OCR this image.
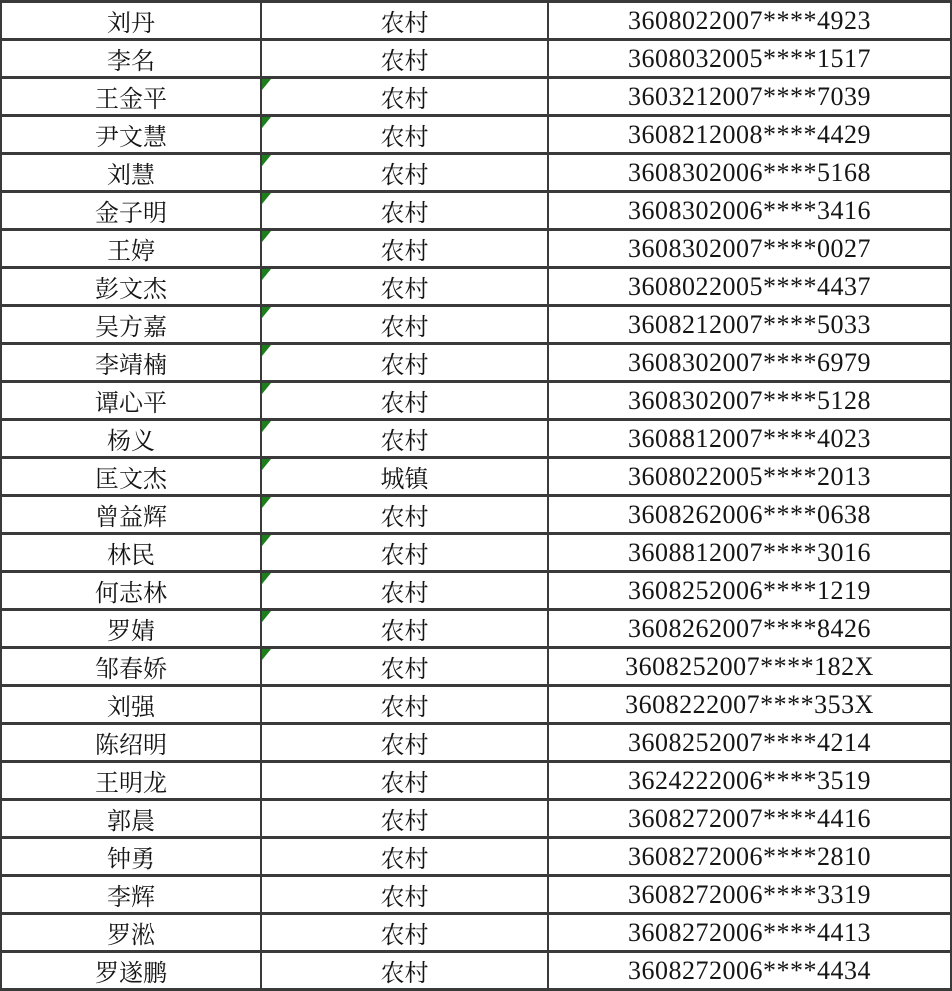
刘丹	农村	3608022007****4923
李名	农村	3608032005****1517
王金平	农村	3603212007****7039
尹文慧	农村	3608212008****4429
刘慧	农村	3608302006****5168
金子明	农村	3608302006****3416
王婷	农村	3608302007****0027
彭文杰	农村	3608022005****4437
吴方嘉	农村	3608212007****5033
李靖楠	农村	3608302007****6979
谭心平	农村	3608302007****5128
杨义	农村	3608812007****4023
匡文杰	城镇	3608022005****2013
曾益辉	农村	3608262006****0638
林民	农村	3608812007****3016
何志林	农村	3608252006****1219
罗婧	农村	3608262007****8426
邹春娇	农村	3608252007****182X
刘强	农村	3608222007****353X
陈绍明	农村	3608252007****4214
王明龙	农村	3624222006****3519
郭晨	农村	3608272007****4416
钟勇	农村	3608272006****2810
李辉	农村	3608272006****3319
罗淞	农村	3608272006****4413
罗遂鹏	农村	3608272006****4434
